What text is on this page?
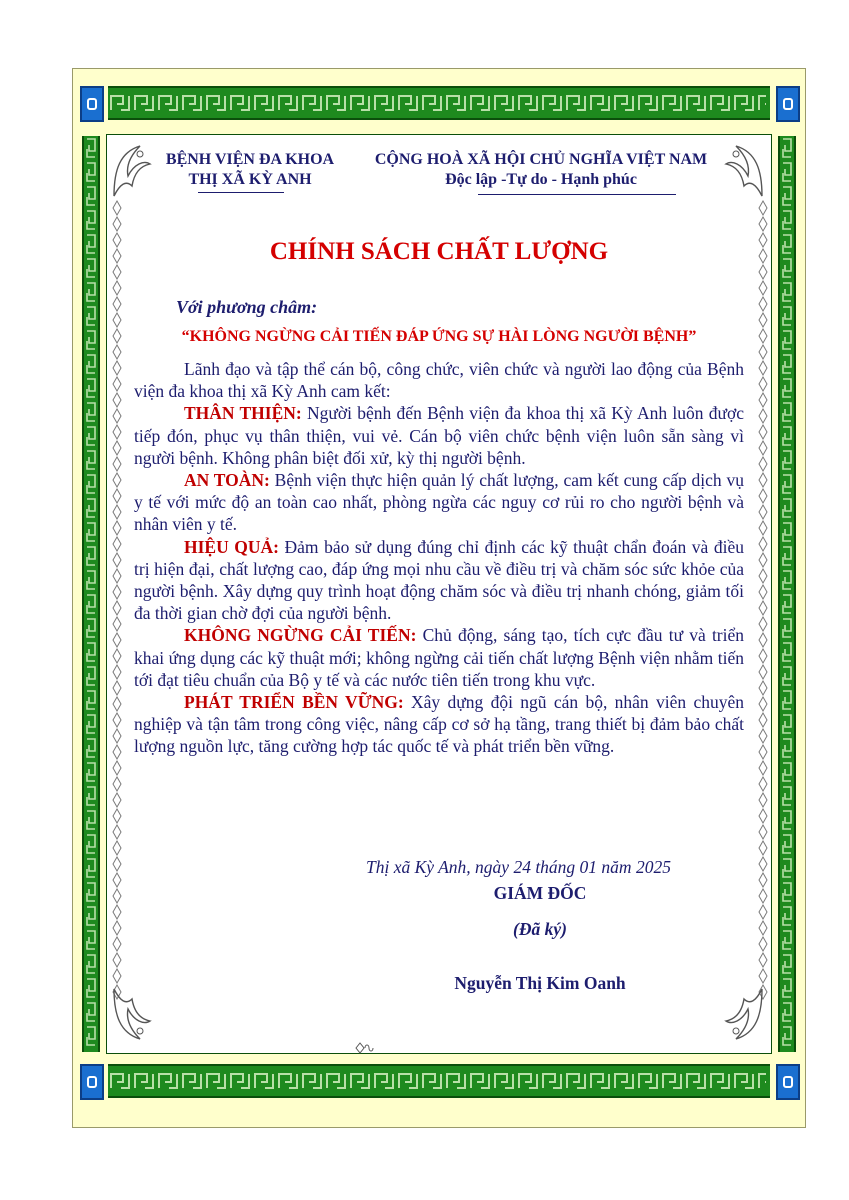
BỆNH VIỆN ĐA KHOA
THỊ XÃ KỲ ANH
CỘNG HOÀ XÃ HỘI CHỦ NGHĨA VIỆT NAM
Độc lập -Tự do - Hạnh phúc
CHÍNH SÁCH CHẤT LƯỢNG
Với phương châm:
“KHÔNG NGỪNG CẢI TIẾN ĐÁP ỨNG SỰ HÀI LÒNG NGƯỜI BỆNH”

Lãnh đạo và tập thể cán bộ, công chức, viên chức và người lao động của Bệnh viện đa khoa thị xã Kỳ Anh cam kết:

THÂN THIỆN: Người bệnh đến Bệnh viện đa khoa thị xã Kỳ Anh luôn được tiếp đón, phục vụ thân thiện, vui vẻ. Cán bộ viên chức bệnh viện luôn sẵn sàng vì người bệnh. Không phân biệt đối xử, kỳ thị người bệnh.

AN TOÀN: Bệnh viện thực hiện quản lý chất lượng, cam kết cung cấp dịch vụ y tế với mức độ an toàn cao nhất, phòng ngừa các nguy cơ rủi ro cho người bệnh và nhân viên y tế.

HIỆU QUẢ: Đảm bảo sử dụng đúng chỉ định các kỹ thuật chẩn đoán và điều trị hiện đại, chất lượng cao, đáp ứng mọi nhu cầu về điều trị và chăm sóc sức khỏe của người bệnh. Xây dựng quy trình hoạt động chăm sóc và điều trị nhanh chóng, giảm tối đa thời gian chờ đợi của người bệnh.

KHÔNG NGỪNG CẢI TIẾN: Chủ động, sáng tạo, tích cực đầu tư và triển khai ứng dụng các kỹ thuật mới; không ngừng cải tiến chất lượng Bệnh viện nhằm tiến tới đạt tiêu chuẩn của Bộ y tế và các nước tiên tiến trong khu vực.

PHÁT TRIỂN BỀN VỮNG: Xây dựng đội ngũ cán bộ, nhân viên chuyên nghiệp và tận tâm trong công việc, nâng cấp cơ sở hạ tầng, trang thiết bị đảm bảo chất lượng nguồn lực, tăng cường hợp tác quốc tế và phát triển bền vững.

Thị xã Kỳ Anh, ngày 24 tháng 01 năm 2025
GIÁM ĐỐC
(Đã ký)
Nguyễn Thị Kim Oanh
